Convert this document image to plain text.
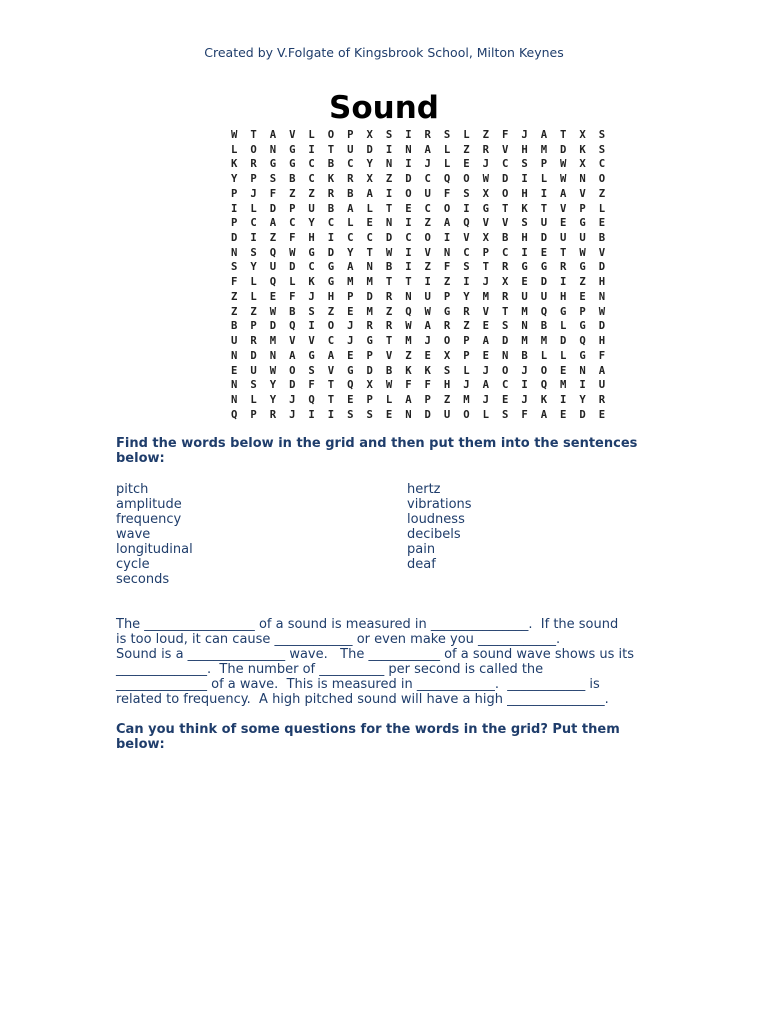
Created by V.Folgate of Kingsbrook School, Milton Keynes
Sound
W T A V L O P X S I R S L Z F J A T X S
L O N G I T U D I N A L Z R V H M D K S
K R G G C B C Y N I J L E J C S P W X C
Y P S B C K R X Z D C Q O W D I L W N O
P J F Z Z R B A I O U F S X O H I A V Z
I L D P U B A L T E C O I G T K T V P L
P C A C Y C L E N I Z A Q V V S U E G E
D I Z F H I C C D C O I V X B H D U U B
N S Q W G D Y T W I V N C P C I E T W V
S Y U D C G A N B I Z F S T R G G R G D
F L Q L K G M M T T I Z I J X E D I Z H
Z L E F J H P D R N U P Y M R U U H E N
Z Z W B S Z E M Z Q W G R V T M Q G P W
B P D Q I O J R R W A R Z E S N B L G D
U R M V V C J G T M J O P A D M M D Q H
N D N A G A E P V Z E X P E N B L L G F
E U W O S V G D B K K S L J O J O E N A
N S Y D F T Q X W F F H J A C I Q M I U
N L Y J Q T E P L A P Z M J E J K I Y R
Q P R J I I S S E N D U O L S F A E D E
Find the words below in the grid and then put them into the sentences below:
pitch
amplitude
frequency
wave
longitudinal
cycle
seconds
hertz
vibrations
loudness
decibels
pain
deaf
The _________________ of a sound is measured in _______________.  If the sound
is too loud, it can cause ____________ or even make you ____________.
Sound is a _______________ wave.   The ___________ of a sound wave shows us its
______________.  The number of __________ per second is called the
______________ of a wave.  This is measured in ____________.  ____________ is
related to frequency.  A high pitched sound will have a high _______________.
Can you think of some questions for the words in the grid? Put them below:
